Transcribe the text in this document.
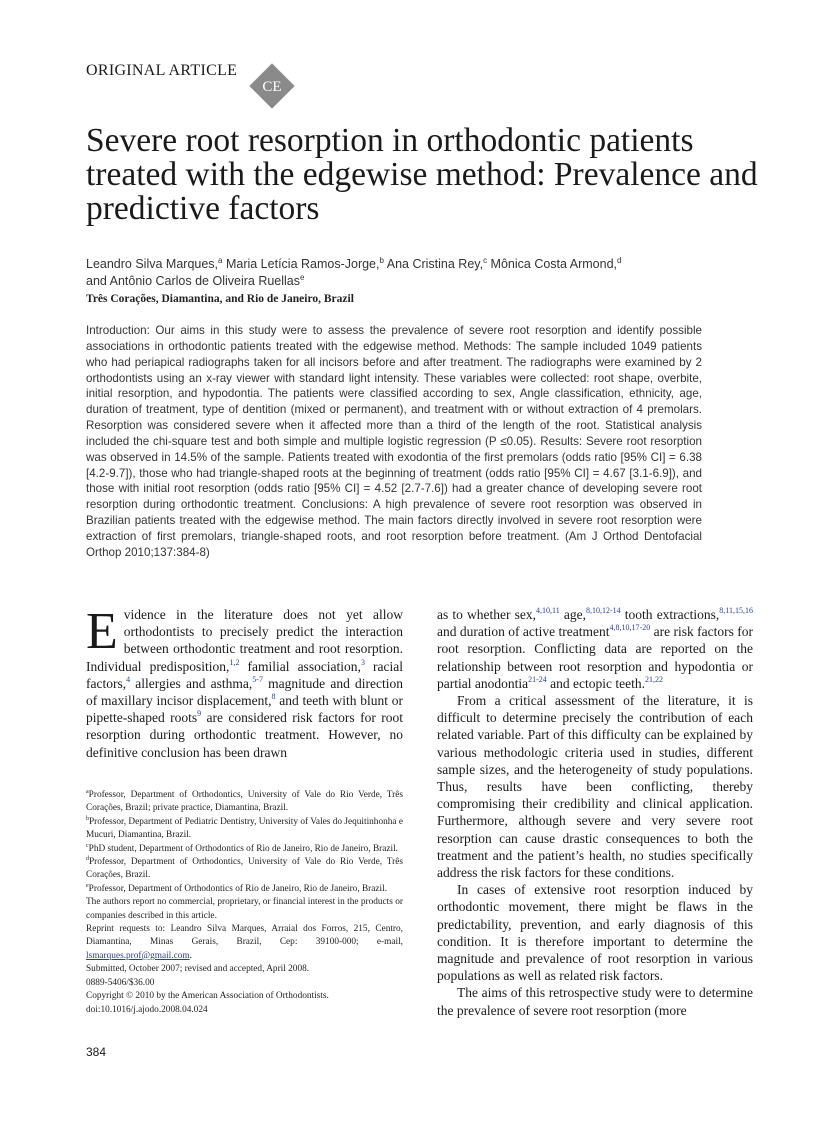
ORIGINAL ARTICLE
CE
Severe root resorption in orthodontic patients treated with the edgewise method: Prevalence and predictive factors
Leandro Silva Marques,$^a$ Maria Letícia Ramos-Jorge,$^b$ Ana Cristina Rey,$^c$ Mônica Costa Armond,$^d$
and Antônio Carlos de Oliveira Ruellas$^e$
Três Corações, Diamantina, and Rio de Janeiro, Brazil
Introduction: Our aims in this study were to assess the prevalence of severe root resorption and identify possible associations in orthodontic patients treated with the edgewise method. Methods: The sample included 1049 patients who had periapical radiographs taken for all incisors before and after treatment. The radiographs were examined by 2 orthodontists using an x-ray viewer with standard light intensity. These variables were collected: root shape, overbite, initial resorption, and hypodontia. The patients were classified according to sex, Angle classification, ethnicity, age, duration of treatment, type of dentition (mixed or permanent), and treatment with or without extraction of 4 premolars. Resorption was considered severe when it affected more than a third of the length of the root. Statistical analysis included the chi-square test and both simple and multiple logistic regression (P ≤0.05). Results: Severe root resorption was observed in 14.5% of the sample. Patients treated with exodontia of the first premolars (odds ratio [95% CI] = 6.38 [4.2-9.7]), those who had triangle-shaped roots at the beginning of treatment (odds ratio [95% CI] = 4.67 [3.1-6.9]), and those with initial root resorption (odds ratio [95% CI] = 4.52 [2.7-7.6]) had a greater chance of developing severe root resorption during orthodontic treatment. Conclusions: A high prevalence of severe root resorption was observed in Brazilian patients treated with the edgewise method. The main factors directly involved in severe root resorption were extraction of first premolars, triangle-shaped roots, and root resorption before treatment. (Am J Orthod Dentofacial Orthop 2010;137:384-8)

Evidence in the literature does not yet allow orthodontists to precisely predict the interaction between orthodontic treatment and root resorption. Individual predisposition,$^{1,2}$ familial association,$^3$ racial factors,$^4$ allergies and asthma,$^{5-7}$ magnitude and direction of maxillary incisor displacement,$^8$ and teeth with blunt or pipette-shaped roots$^9$ are considered risk factors for root resorption during orthodontic treatment. However, no definitive conclusion has been drawn

as to whether sex,$^{4,10,11}$ age,$^{8,10,12-14}$ tooth extractions,$^{8,11,15,16}$ and duration of active treatment$^{4,8,10,17-20}$ are risk factors for root resorption. Conflicting data are reported on the relationship between root resorption and hypodontia or partial anodontia$^{21-24}$ and ectopic teeth.$^{21,22}$

From a critical assessment of the literature, it is difficult to determine precisely the contribution of each related variable. Part of this difficulty can be explained by various methodologic criteria used in studies, different sample sizes, and the heterogeneity of study populations. Thus, results have been conflicting, thereby compromising their credibility and clinical application. Furthermore, although severe and very severe root resorption can cause drastic consequences to both the treatment and the patient’s health, no studies specifically address the risk factors for these conditions.

In cases of extensive root resorption induced by orthodontic movement, there might be flaws in the predictability, prevention, and early diagnosis of this condition. It is therefore important to determine the magnitude and prevalence of root resorption in various populations as well as related risk factors.

The aims of this retrospective study were to determine the prevalence of severe root resorption (more

$^a$Professor, Department of Orthodontics, University of Vale do Rio Verde, Três Corações, Brazil; private practice, Diamantina, Brazil.

$^b$Professor, Department of Pediatric Dentistry, University of Vales do Jequitinhonha e Mucuri, Diamantina, Brazil.

$^c$PhD student, Department of Orthodontics of Rio de Janeiro, Rio de Janeiro, Brazil.

$^d$Professor, Department of Orthodontics, University of Vale do Rio Verde, Três Corações, Brazil.

$^e$Professor, Department of Orthodontics of Rio de Janeiro, Rio de Janeiro, Brazil.

The authors report no commercial, proprietary, or financial interest in the products or companies described in this article.

Reprint requests to: Leandro Silva Marques, Arraial dos Forros, 215, Centro, Diamantina, Minas Gerais, Brazil, Cep: 39100-000; e-mail, lsmarques.prof@gmail.com.

Submitted, October 2007; revised and accepted, April 2008.

0889-5406/$36.00

Copyright © 2010 by the American Association of Orthodontists.

doi:10.1016/j.ajodo.2008.04.024

384
